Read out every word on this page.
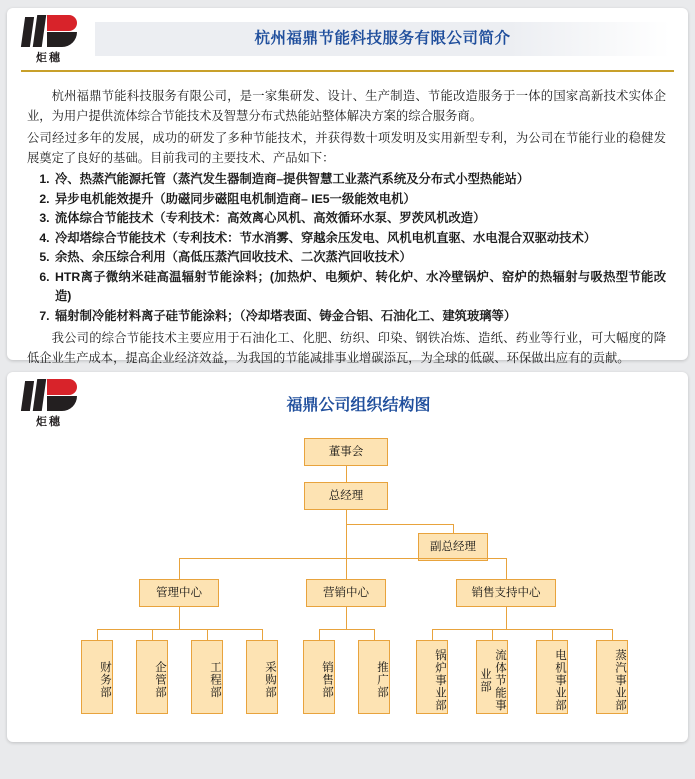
炬穗
杭州福鼎节能科技服务有限公司简介

杭州福鼎节能科技服务有限公司，是一家集研发、设计、生产制造、节能改造服务于一体的国家高新技术实体企业，为用户提供流体综合节能技术及智慧分布式热能站整体解决方案的综合服务商。

公司经过多年的发展，成功的研发了多种节能技术，并获得数十项发明及实用新型专利，为公司在节能行业的稳健发展奠定了良好的基础。目前我司的主要技术、产品如下：

1. 冷、热蒸汽能源托管（蒸汽发生器制造商–提供智慧工业蒸汽系统及分布式小型热能站）
2. 异步电机能效提升（助磁同步磁阻电机制造商– IE5一级能效电机）
3. 流体综合节能技术（专利技术：高效离心风机、高效循环水泵、罗茨风机改造）
4. 冷却塔综合节能技术（专利技术：节水消雾、穿越余压发电、风机电机直驱、水电混合双驱动技术）
5. 余热、余压综合利用（高低压蒸汽回收技术、二次蒸汽回收技术）
6. HTR离子微纳米硅高温辐射节能涂料；(加热炉、电频炉、转化炉、水冷壁锅炉、窑炉的热辐射与吸热型节能改造)
7. 辐射制冷能材料离子硅节能涂料；（冷却塔表面、铸金合铝、石油化工、建筑玻璃等）

我公司的综合节能技术主要应用于石油化工、化肥、纺织、印染、钢铁冶炼、造纸、药业等行业，可大幅度的降低企业生产成本，提高企业经济效益，为我国的节能减排事业增碳添瓦，为全球的低碳、环保做出应有的贡献。

炬穗
福鼎公司组织结构图
董事会
总经理
副总经理
管理中心	营销中心	销售支持中心
财务部	企管部	工程部	采购部	销售部	推广部	锅炉事业部	流体节能事业部	电机事业部	蒸汽事业部
